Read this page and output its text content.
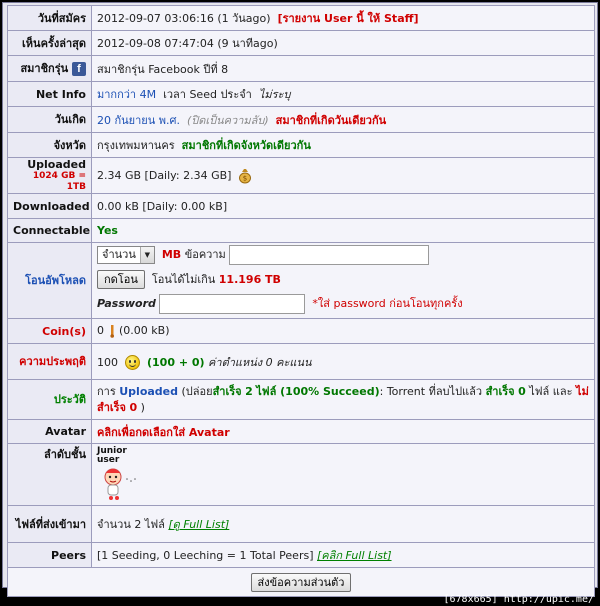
วันที่สมัคร	2012-09-07 03:06:16 (1 วันago) [รายงาน User นี้ ให้ Staff]
เห็นครั้งล่าสุด	2012-09-08 07:47:04 (9 นาทีago)
สมาชิกรุ่น f	สมาชิกรุ่น Facebook ปีที่ 8
Net Info	มากกว่า 4M เวลา Seed ประจำ ไม่ระบุ
วันเกิด	20 กันยายน พ.ศ. (ปิดเป็นความลับ) สมาชิกที่เกิดวันเดียวกัน
จังหวัด	กรุงเทพมหานคร สมาชิกที่เกิดจังหวัดเดียวกัน
Uploaded
1024 GB = 1TB	2.34 GB [Daily: 2.34 GB] $

Downloaded	0.00 kB [Daily: 0.00 kB]
Connectable	Yes
โอนอัพโหลด	จำนวน ▼ MB ข้อความ
กดโอน โอนได้ไม่เกิน 11.196 TB
Password *ใส่ password ก่อนโอนทุกครั้ง

Coin(s)	0 (0.00 kB)
ความประพฤติ	100 (100 + 0) ค่าตำแหน่ง 0 คะแนน
ประวัติ	การ Uploaded (ปล่อยสำเร็จ 2 ไฟล์ (100% Succeed): Torrent ที่ลบไปแล้ว สำเร็จ 0 ไฟล์ และ ไม่สำเร็จ 0 )
Avatar	คลิกเพื่อกดเลือกใส่ Avatar
ลำดับชั้น	Junior
user

ไฟล์ที่ส่งเข้ามา	จำนวน 2 ไฟล์ [ดู Full List]
Peers	[1 Seeding, 0 Leeching = 1 Total Peers] [คลิก Full List]
ส่งข้อความส่วนตัว	
[678x665] http://upic.me/
